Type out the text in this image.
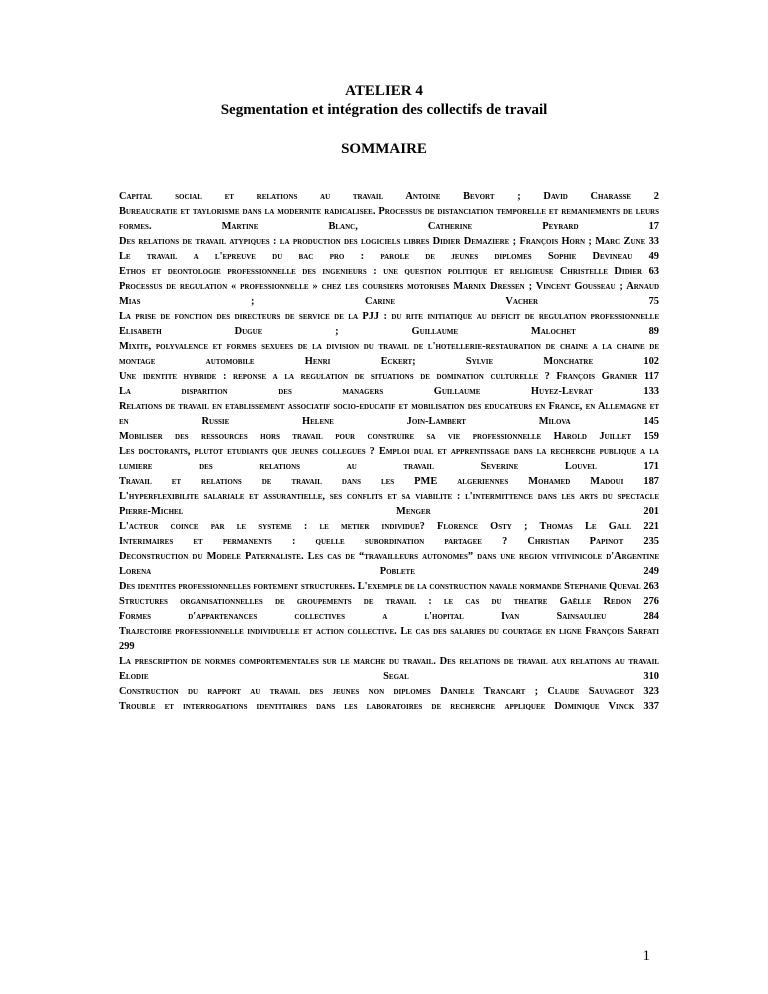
ATELIER 4
Segmentation et intégration des collectifs de travail
SOMMAIRE
Capital social et relations au travail Antoine Bevort ; David Charasse 2
Bureaucratie et taylorisme dans la modernite radicalisee. Processus de distanciation temporelle et remaniements de leurs formes. Martine Blanc, Catherine Peyrard	17
Des relations de travail atypiques : la production des logiciels libres Didier Demaziere ; François Horn ; Marc Zune 33
Le travail a l'epreuve du bac pro : parole de jeunes diplomes Sophie Devineau 49
Ethos et deontologie professionnelle des ingenieurs : une question politique et religieuse Christelle Didier 63
Processus de regulation « professionnelle » chez les coursiers motorises Marnix Dressen ; Vincent Gousseau ; Arnaud Mias ; Carine Vacher	75
La prise de fonction des directeurs de service de la PJJ : du rite initiatique au deficit de regulation professionnelle Elisabeth Dugue ; Guillaume Malochet	89
Mixite, polyvalence et formes sexuees de la division du travail de l'hotellerie-restauration de chaine a la chaine de montage automobile Henri Eckert; Sylvie Monchatre	102
Une identite hybride : reponse a la regulation de situations de domination culturelle ? François Granier 117
La disparition des managers Guillaume Huyez-Levrat	133
Relations de travail en etablissement associatif socio-educatif et mobilisation des educateurs en France, en Allemagne et en Russie Helene Join-Lambert Milova	145
Mobiliser des ressources hors travail pour construire sa vie professionnelle Harold Juillet 159
Les doctorants, plutot etudiants que jeunes collegues ? Emploi dual et apprentissage dans la recherche publique a la lumiere des relations au travail Severine Louvel	171
Travail et relations de travail dans les PME algeriennes Mohamed Madoui 187
L'hyperflexibilite salariale et assurantielle, ses conflits et sa viabilite : l'intermittence dans les arts du spectacle Pierre-Michel Menger	201
L'acteur coince par le systeme : le metier individue? Florence Osty ; Thomas Le Gall 221
Interimaires et permanents : quelle subordination partagee ? Christian Papinot 235
Deconstruction du Modele Paternaliste. Les cas de “travailleurs autonomes” dans une region vitivinicole d'Argentine Lorena Poblete	249
Des identites professionnelles fortement structurees. L'exemple de la construction navale normande Stephanie Queval 263
Structures organisationnelles de groupements de travail : le cas du theatre Gaëlle Redon 276
Formes d'appartenances collectives a l'hopital Ivan Sainsaulieu	284
Trajectoire professionnelle individuelle et action collective. Le cas des salaries du courtage en ligne François Sarfati 299
La prescription de normes comportementales sur le marche du travail. Des relations de travail aux relations au travail Elodie Segal	310
Construction du rapport au travail des jeunes non diplomes Daniele Trancart ; Claude Sauvageot 323
Trouble et interrogations identitaires dans les laboratoires de recherche appliquee Dominique Vinck 337
1
